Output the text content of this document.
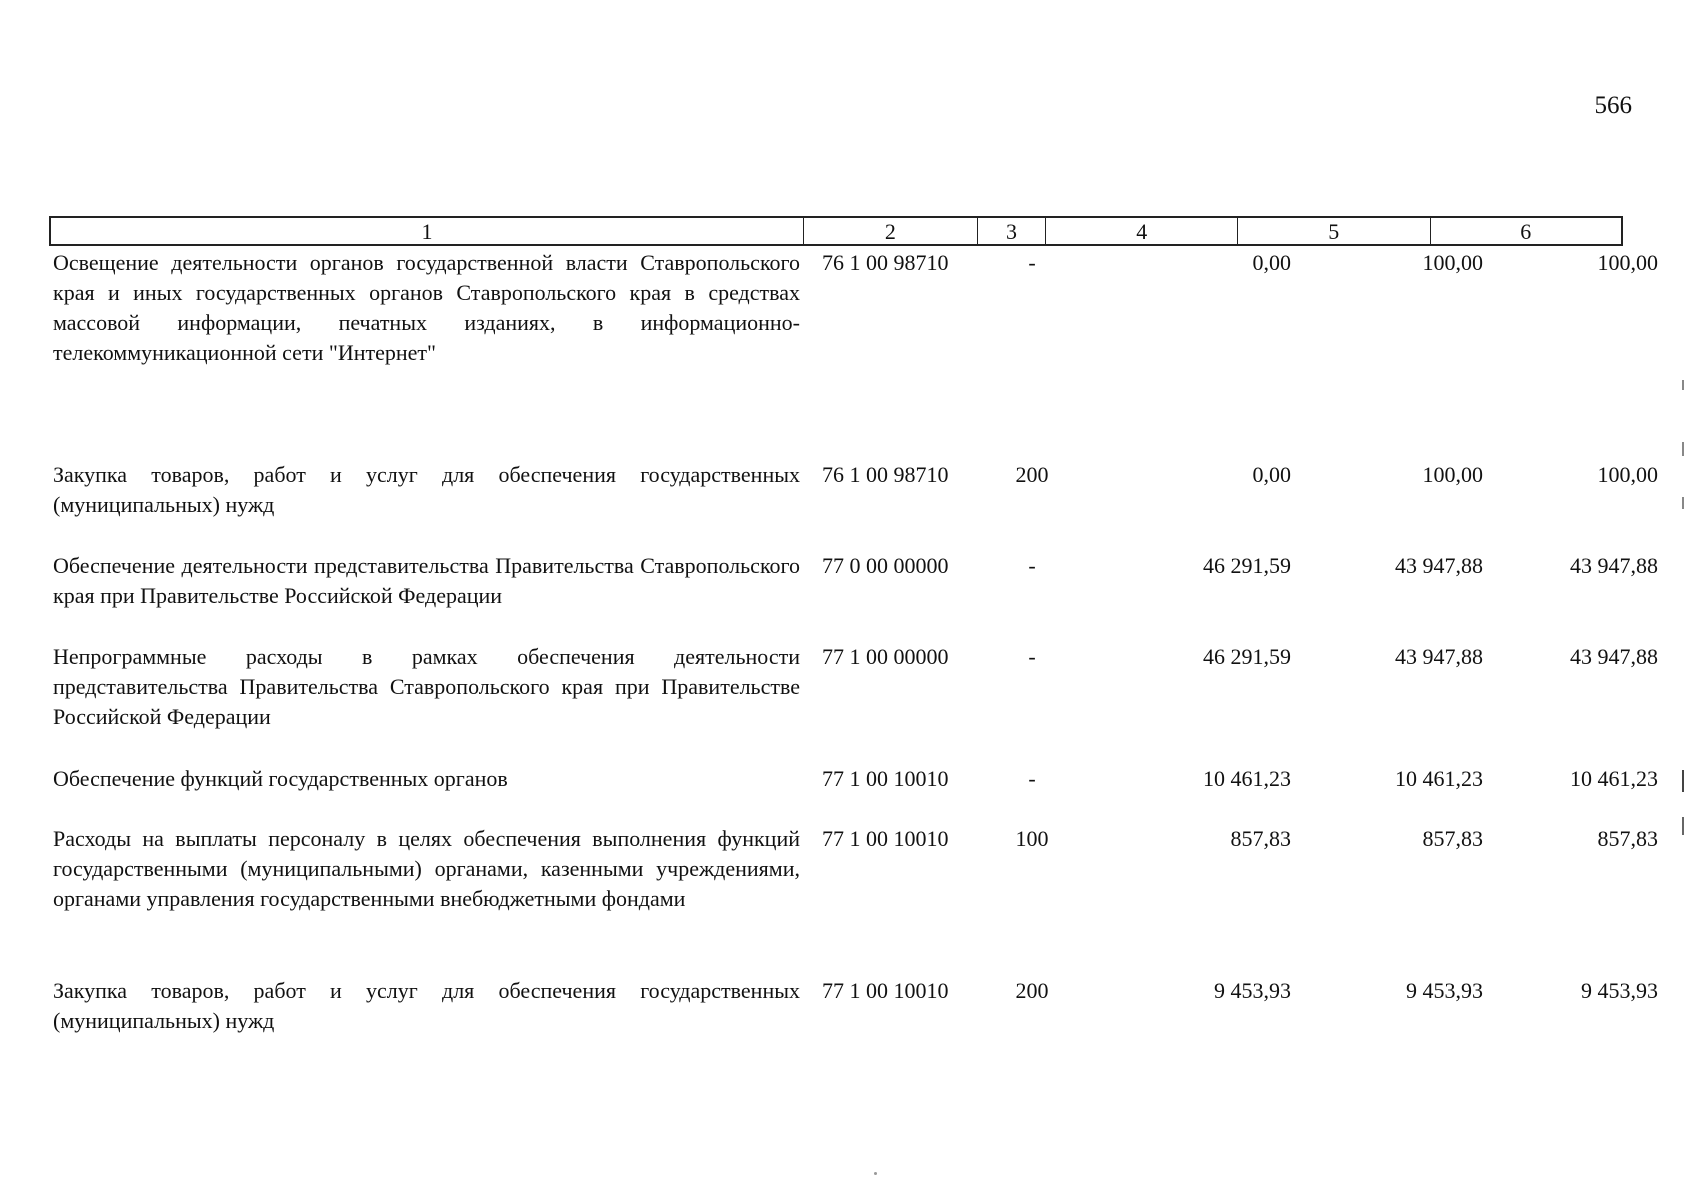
566
1	2	3	4	5	6
Освещение деятельности органов государственной власти Ставропольского края и иных государственных органов Ставропольского края в средствах массовой информации, печатных изданиях, в информационно-телекоммуникационной сети "Интернет"
76 1 00 98710	-	0,00	100,00	100,00
Закупка товаров, работ и услуг для обеспечения государственных (муниципальных) нужд
76 1 00 98710	200	0,00	100,00	100,00
Обеспечение деятельности представительства Правительства Ставропольского края при Правительстве Российской Федерации
77 0 00 00000	-	46 291,59	43 947,88	43 947,88
Непрограммные расходы в рамках обеспечения деятельности представительства Правительства Ставропольского края при Правительстве Российской Федерации
77 1 00 00000	-	46 291,59	43 947,88	43 947,88
Обеспечение функций государственных органов	77 1 00 10010	-	10 461,23	10 461,23	10 461,23
Расходы на выплаты персоналу в целях обеспечения выполнения функций государственными (муниципальными) органами, казенными учреждениями, органами управления государственными внебюджетными фондами
77 1 00 10010	100	857,83	857,83	857,83
Закупка товаров, работ и услуг для обеспечения государственных (муниципальных) нужд
77 1 00 10010	200	9 453,93	9 453,93	9 453,93
